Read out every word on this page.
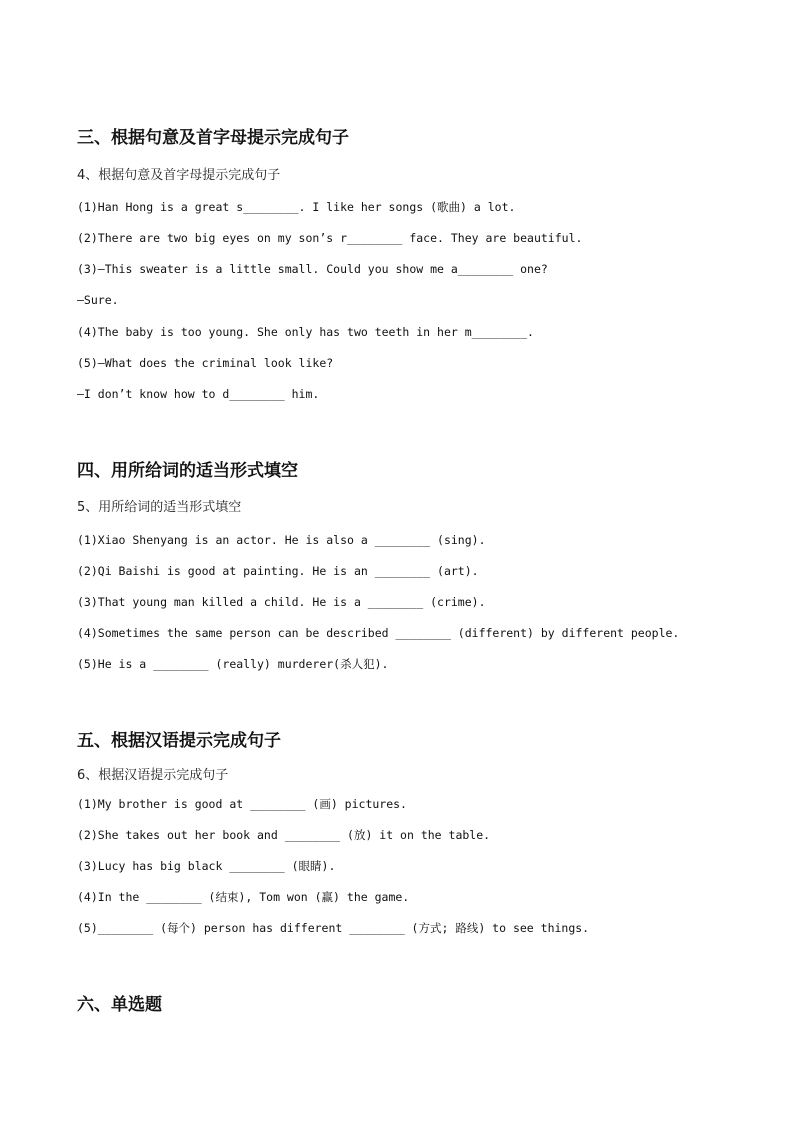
三、根据句意及首字母提示完成句子

4、根据句意及首字母提示完成句子

(1)Han Hong is a great s________. I like her songs (歌曲) a lot.

(2)There are two big eyes on my son’s r________ face. They are beautiful.

(3)—This sweater is a little small. Could you show me a________ one?

—Sure.

(4)The baby is too young. She only has two teeth in her m________.

(5)—What does the criminal look like?

—I don’t know how to d________ him.

四、用所给词的适当形式填空

5、用所给词的适当形式填空

(1)Xiao Shenyang is an actor. He is also a ________ (sing).

(2)Qi Baishi is good at painting. He is an ________ (art).

(3)That young man killed a child. He is a ________ (crime).

(4)Sometimes the same person can be described ________ (different) by different people.

(5)He is a ________ (really) murderer(杀人犯).

五、根据汉语提示完成句子

6、根据汉语提示完成句子

(1)My brother is good at ________ (画) pictures.

(2)She takes out her book and ________ (放) it on the table.

(3)Lucy has big black ________ (眼睛).

(4)In the ________ (结束), Tom won (赢) the game.

(5)________ (每个) person has different ________ (方式; 路线) to see things.

六、单选题
